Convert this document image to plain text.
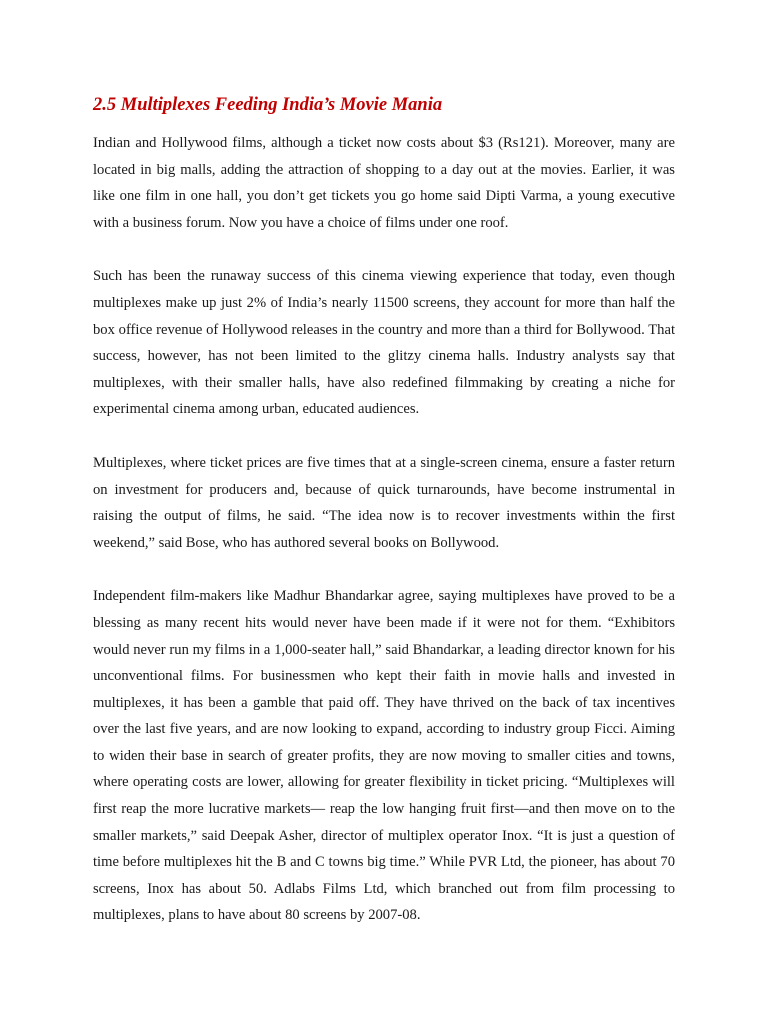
2.5 Multiplexes Feeding India’s Movie Mania

Indian and Hollywood films, although a ticket now costs about $3 (Rs121). Moreover, many are located in big malls, adding the attraction of shopping to a day out at the movies. Earlier, it was like one film in one hall, you don’t get tickets you go home said Dipti Varma, a young executive with a business forum. Now you have a choice of films under one roof.

Such has been the runaway success of this cinema viewing experience that today, even though multiplexes make up just 2% of India’s nearly 11500 screens, they account for more than half the box office revenue of Hollywood releases in the country and more than a third for Bollywood. That success, however, has not been limited to the glitzy cinema halls. Industry analysts say that multiplexes, with their smaller halls, have also redefined filmmaking by creating a niche for experimental cinema among urban, educated audiences.

Multiplexes, where ticket prices are five times that at a single-screen cinema, ensure a faster return on investment for producers and, because of quick turnarounds, have become instrumental in raising the output of films, he said. “The idea now is to recover investments within the first weekend,” said Bose, who has authored several books on Bollywood.

Independent film-makers like Madhur Bhandarkar agree, saying multiplexes have proved to be a blessing as many recent hits would never have been made if it were not for them. “Exhibitors would never run my films in a 1,000-seater hall,” said Bhandarkar, a leading director known for his unconventional films. For businessmen who kept their faith in movie halls and invested in multiplexes, it has been a gamble that paid off. They have thrived on the back of tax incentives over the last five years, and are now looking to expand, according to industry group Ficci. Aiming to widen their base in search of greater profits, they are now moving to smaller cities and towns, where operating costs are lower, allowing for greater flexibility in ticket pricing. “Multiplexes will first reap the more lucrative markets— reap the low hanging fruit first—and then move on to the smaller markets,” said Deepak Asher, director of multiplex operator Inox. “It is just a question of time before multiplexes hit the B and C towns big time.” While PVR Ltd, the pioneer, has about 70 screens, Inox has about 50. Adlabs Films Ltd, which branched out from film processing to multiplexes, plans to have about 80 screens by 2007-08.
